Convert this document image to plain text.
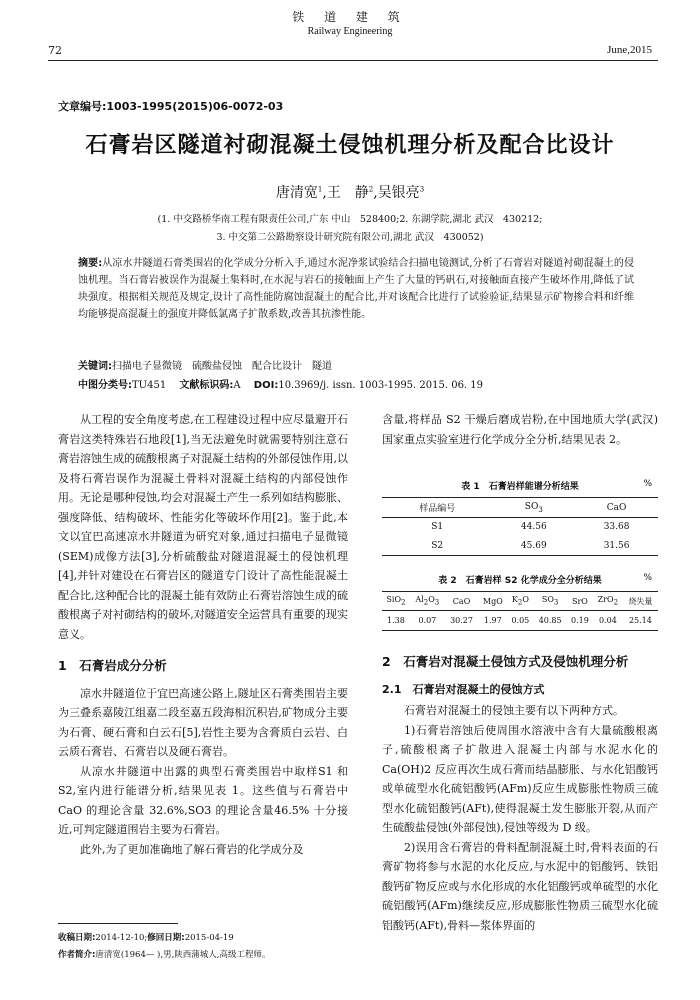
铁 道 建 筑
Railway Engineering
72	June,2015
文章编号:1003-1995(2015)06-0072-03
石膏岩区隧道衬砌混凝土侵蚀机理分析及配合比设计
唐清宽$^1$,王　静$^2$,吴银亮$^3$
(1. 中交路桥华南工程有限责任公司,广东 中山　528400;2. 东湖学院,湖北 武汉　430212;
3. 中交第二公路勘察设计研究院有限公司,湖北 武汉　430052)
摘要:从凉水井隧道石膏类围岩的化学成分分析入手,通过水泥净浆试验结合扫描电镜测试,分析了石膏岩对隧道衬砌混凝土的侵蚀机理。当石膏岩被误作为混凝土集料时,在水泥与岩石的接触面上产生了大量的钙矾石,对接触面直接产生破坏作用,降低了试块强度。根据相关规范及规定,设计了高性能防腐蚀混凝土的配合比,并对该配合比进行了试验验证,结果显示矿物掺合料和纤维均能够提高混凝土的强度并降低氯离子扩散系数,改善其抗渗性能。
关键词:扫描电子显微镜　硫酸盐侵蚀　配合比设计　隧道
中图分类号:TU451　 文献标识码:A　 DOI:10.3969/j. issn. 1003-1995. 2015. 06. 19

从工程的安全角度考虑,在工程建设过程中应尽量避开石膏岩这类特殊岩石地段[1],当无法避免时就需要特别注意石膏岩溶蚀生成的硫酸根离子对混凝土结构的外部侵蚀作用,以及将石膏岩误作为混凝土骨料对混凝土结构的内部侵蚀作用。无论是哪种侵蚀,均会对混凝土产生一系列如结构膨胀、强度降低、结构破坏、性能劣化等破坏作用[2]。鉴于此,本文以宜巴高速凉水井隧道为研究对象,通过扫描电子显微镜(SEM)成像方法[3],分析硫酸盐对隧道混凝土的侵蚀机理[4],并针对建设在石膏岩区的隧道专门设计了高性能混凝土配合比,这种配合比的混凝土能有效防止石膏岩溶蚀生成的硫酸根离子对衬砌结构的破坏,对隧道安全运营具有重要的现实意义。

1　石膏岩成分分析

凉水井隧道位于宜巴高速公路上,隧址区石膏类围岩主要为三叠系嘉陵江组嘉二段至嘉五段海相沉积岩,矿物成分主要为石膏、硬石膏和白云石[5],岩性主要为含膏质白云岩、白云质石膏岩、石膏岩以及硬石膏岩。

从凉水井隧道中出露的典型石膏类围岩中取样S1 和 S2,室内进行能谱分析,结果见表 1。这些值与石膏岩中 CaO 的理论含量 32.6%,SO3 的理论含量46.5% 十分接近,可判定隧道围岩主要为石膏岩。

此外,为了更加准确地了解石膏岩的化学成分及

含量,将样品 S2 干燥后磨成岩粉,在中国地质大学(武汉)国家重点实验室进行化学成分全分析,结果见表 2。

表 1　石膏岩样能谱分析结果	%
样品编号	$SO_3$	CaO
S1	44.56	33.68
S2	45.69	31.56
表 2　石膏岩样 S2 化学成分全分析结果	%
SiO$_2$	$Al_2O_3$	CaO	MgO	$K_2O$	$SO_3$	SrO	ZrO$_2$	烧失量
1.38	0.07	30.27	1.97	0.05	40.85	0.19	0.04	25.14
2　石膏岩对混凝土侵蚀方式及侵蚀机理分析
2.1　石膏岩对混凝土的侵蚀方式

石膏岩对混凝土的侵蚀主要有以下两种方式。

1)石膏岩溶蚀后使周围水溶液中含有大量硫酸根离子,硫酸根离子扩散进入混凝土内部与水泥水化的 Ca(OH)2 反应再次生成石膏而结晶膨胀、与水化铝酸钙或单硫型水化硫铝酸钙(AFm)反应生成膨胀性物质三硫型水化硫铝酸钙(AFt),使得混凝土发生膨胀开裂,从而产生硫酸盐侵蚀(外部侵蚀),侵蚀等级为 D 级。

2)误用含石膏岩的骨料配制混凝土时,骨料表面的石膏矿物将参与水泥的水化反应,与水泥中的铝酸钙、铁铝酸钙矿物反应或与水化形成的水化铝酸钙或单硫型的水化硫铝酸钙(AFm)继续反应,形成膨胀性物质三硫型水化硫铝酸钙(AFt),骨料—浆体界面的

收稿日期:2014-12-10;修回日期:2015-04-19
作者简介:唐清宽(1964— ),男,陕西蒲城人,高级工程师。
